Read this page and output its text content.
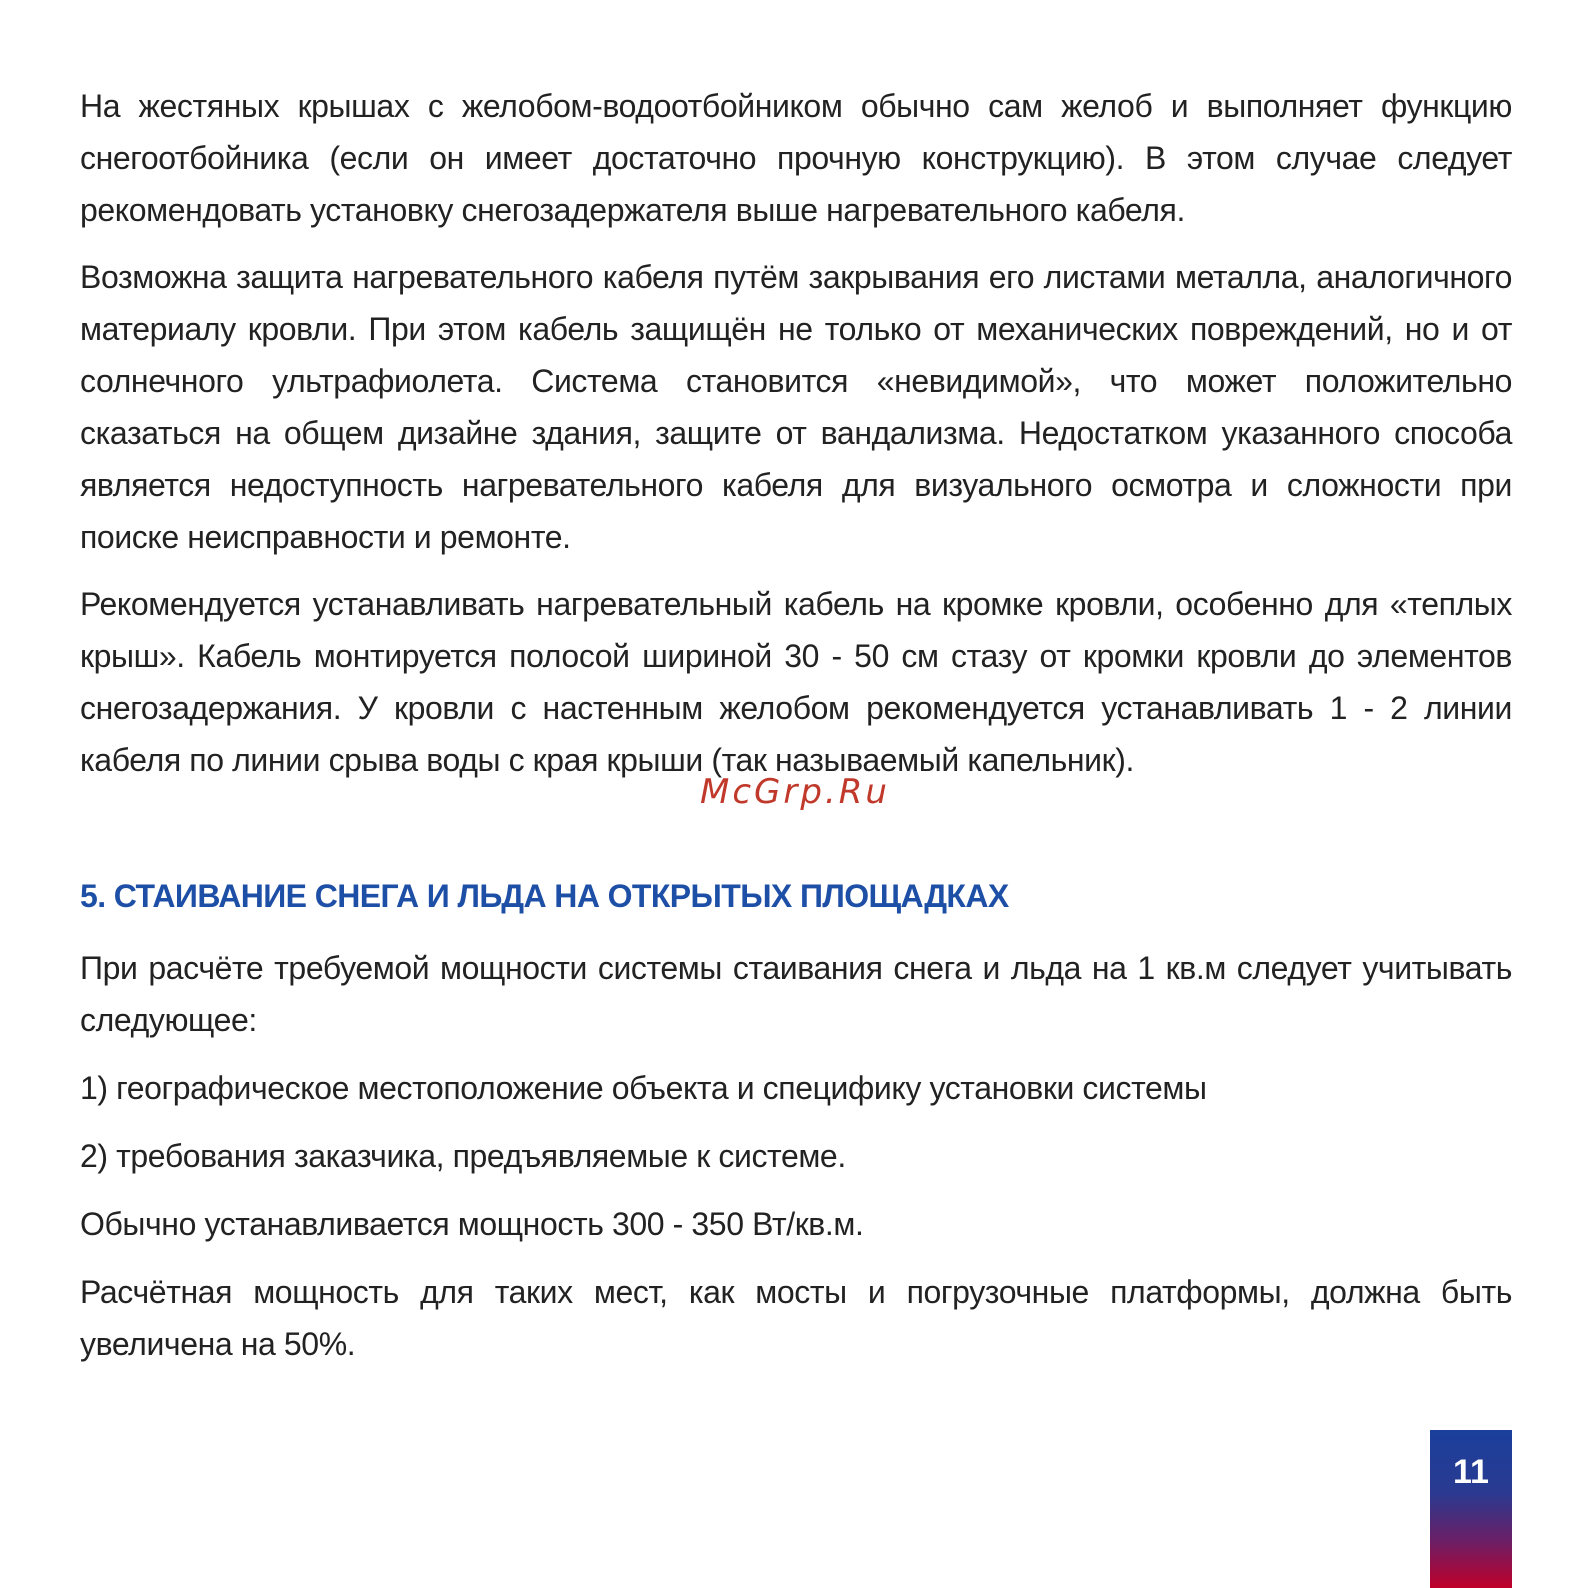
На жестяных крышах с желобом-водоотбойником обычно сам желоб и выполняет функцию снегоотбойника (если он имеет достаточно прочную конструкцию). В этом случае следует рекомендовать установку снегозадержателя выше нагревательного кабеля.

Возможна защита нагревательного кабеля путём закрывания его листами металла, аналогичного материалу кровли. При этом кабель защищён не только от механических повреждений, но и от солнечного ультрафиолета. Система становится «невидимой», что может положительно сказаться на общем дизайне здания, защите от вандализма. Недостатком указанного способа является недоступность нагревательного кабеля для визуального осмотра и сложности при поиске неисправности и ремонте.

Рекомендуется устанавливать нагревательный кабель на кромке кровли, особенно для «теплых крыш». Кабель монтируется полосой шириной 30 - 50 см стазу от кромки кровли до элементов снегозадержания. У кровли с настенным желобом рекомендуется устанавливать 1 - 2 линии кабеля по линии срыва воды с края крыши (так называемый капельник).

McGrp.Ru
5. СТАИВАНИЕ СНЕГА И ЛЬДА НА ОТКРЫТЫХ ПЛОЩАДКАХ

При расчёте требуемой мощности системы стаивания снега и льда на 1 кв.м следует учитывать следующее:

1) географическое местоположение объекта и специфику установки системы

2) требования заказчика, предъявляемые к системе.

Обычно устанавливается мощность 300 - 350 Вт/кв.м.

Расчётная мощность для таких мест, как мосты и погрузочные платформы, должна быть увеличена на 50%.

11
